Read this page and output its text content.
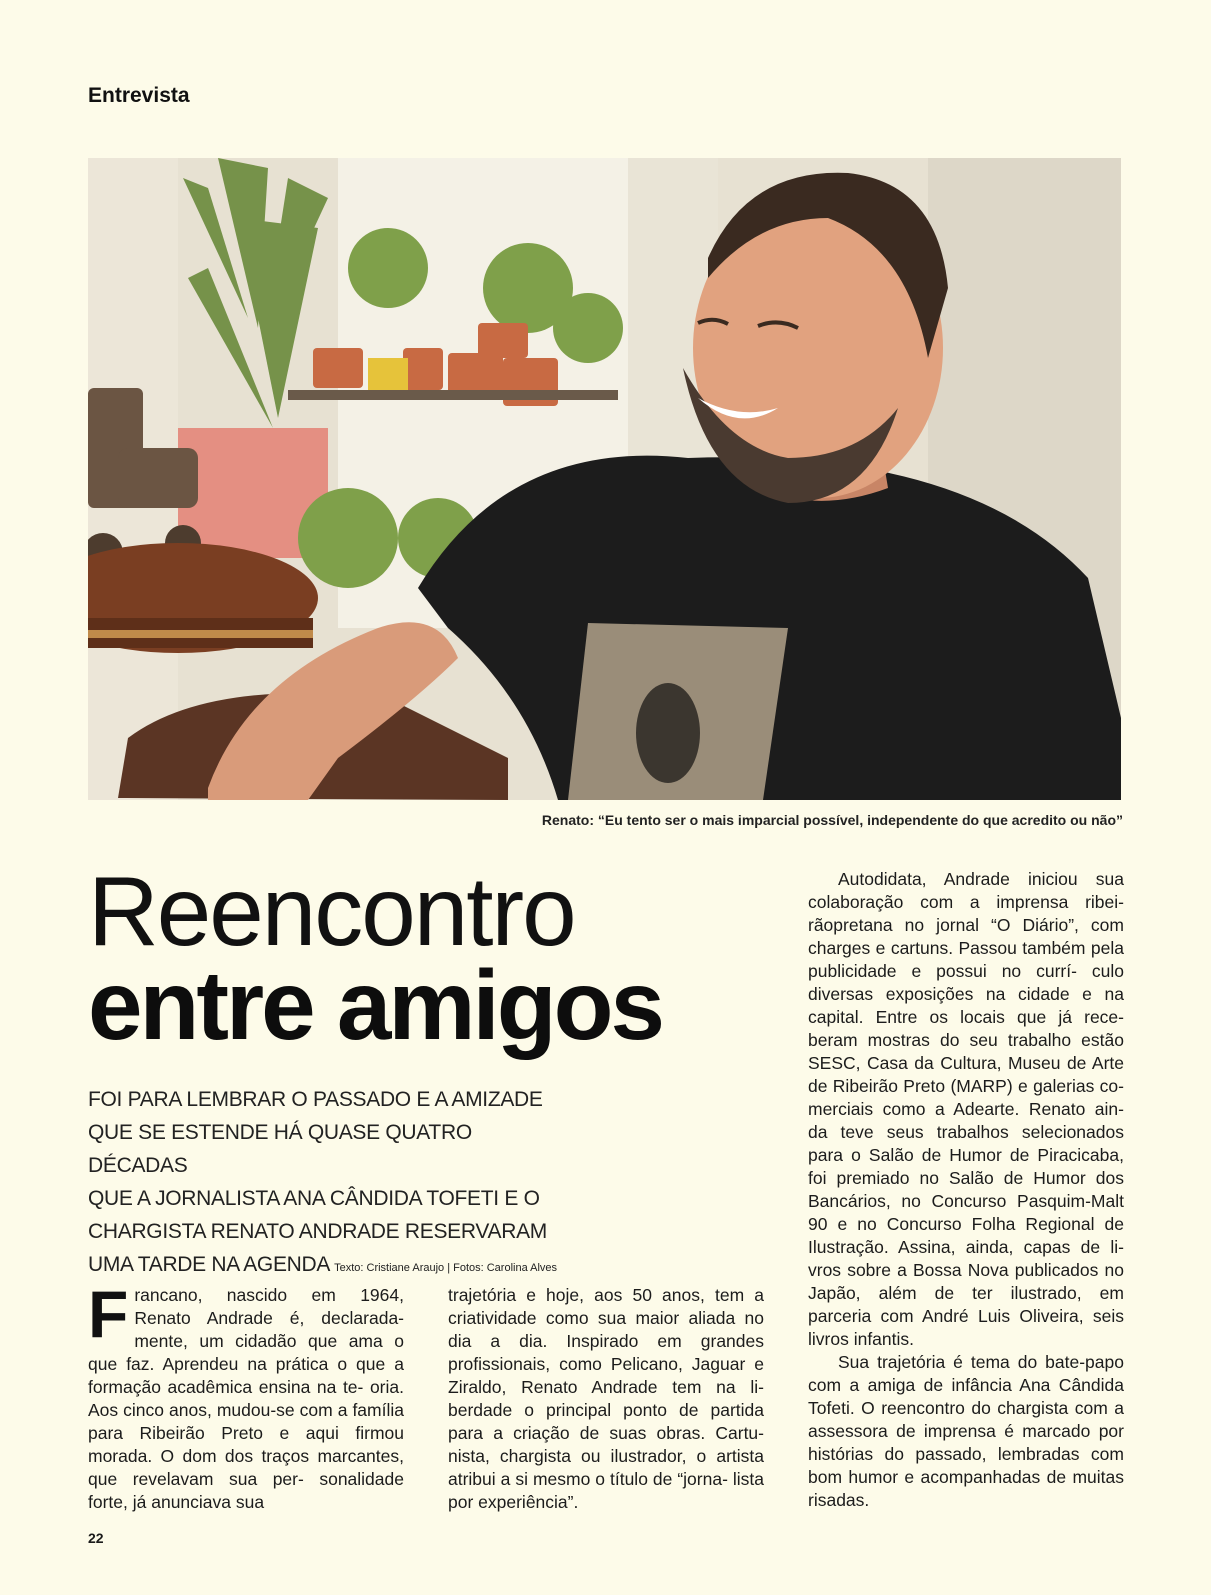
Entrevista
Renato: “Eu tento ser o mais imparcial possível, independente do que acredito ou não”
Reencontro
entre amigos
FOI PARA LEMBRAR O PASSADO E A AMIZADE
QUE SE ESTENDE HÁ QUASE QUATRO DÉCADAS
QUE A JORNALISTA ANA CÂNDIDA TOFETI E O
CHARGISTA RENATO ANDRADE RESERVARAM
UMA TARDE NA AGENDA Texto: Cristiane Araujo | Fotos: Carolina Alves

Francano, nascido em 1964, Renato Andrade é, declarada- mente, um cidadão que ama o que faz. Aprendeu na prática o que a formação acadêmica ensina na te- oria. Aos cinco anos, mudou-se com a família para Ribeirão Preto e aqui firmou morada. O dom dos traços marcantes, que revelavam sua per- sonalidade forte, já anunciava sua

trajetória e hoje, aos 50 anos, tem a criatividade como sua maior aliada no dia a dia. Inspirado em grandes profissionais, como Pelicano, Jaguar e Ziraldo, Renato Andrade tem na li- berdade o principal ponto de partida para a criação de suas obras. Cartu- nista, chargista ou ilustrador, o artista atribui a si mesmo o título de “jorna- lista por experiência”.

Autodidata, Andrade iniciou sua colaboração com a imprensa ribei- rãopretana no jornal “O Diário”, com charges e cartuns. Passou também pela publicidade e possui no currí- culo diversas exposições na cidade e na capital. Entre os locais que já rece- beram mostras do seu trabalho estão SESC, Casa da Cultura, Museu de Arte de Ribeirão Preto (MARP) e galerias co- merciais como a Adearte. Renato ain- da teve seus trabalhos selecionados para o Salão de Humor de Piracicaba, foi premiado no Salão de Humor dos Bancários, no Concurso Pasquim-Malt 90 e no Concurso Folha Regional de Ilustração. Assina, ainda, capas de li- vros sobre a Bossa Nova publicados no Japão, além de ter ilustrado, em parceria com André Luis Oliveira, seis livros infantis.

Sua trajetória é tema do bate-papo com a amiga de infância Ana Cândida Tofeti. O reencontro do chargista com a assessora de imprensa é marcado por histórias do passado, lembradas com bom humor e acompanhadas de muitas risadas.

22
